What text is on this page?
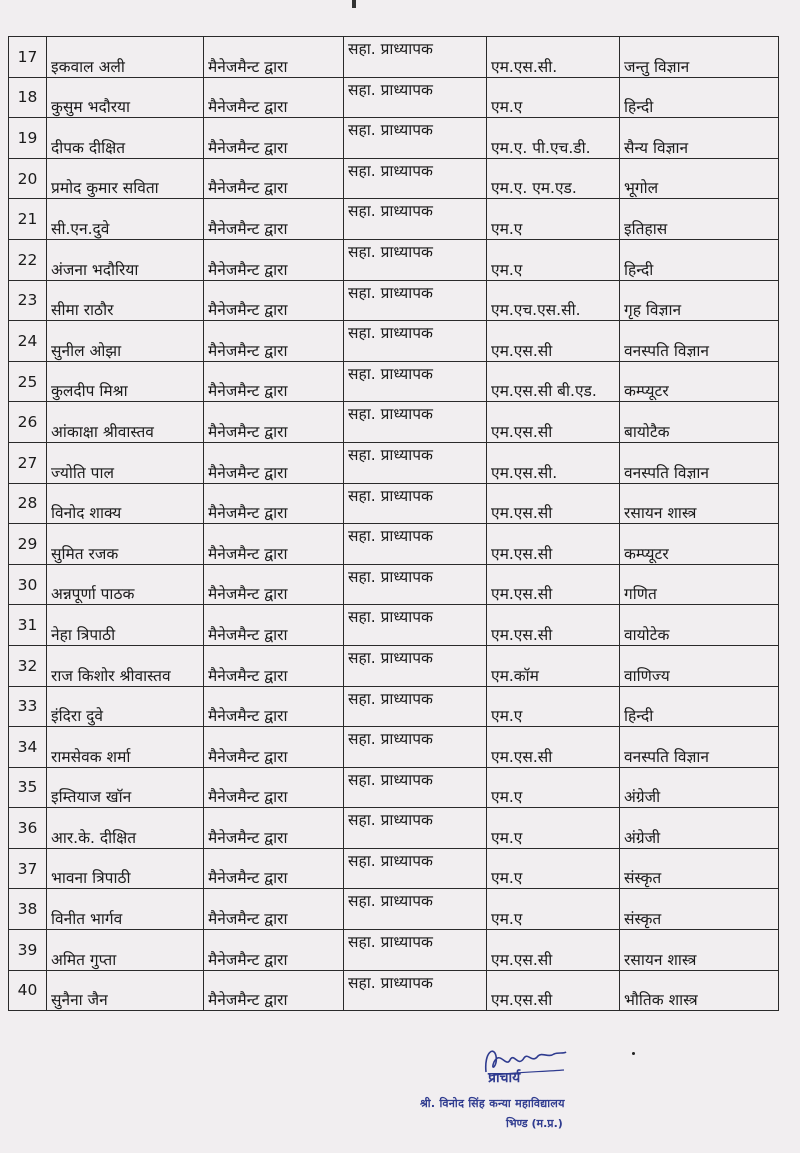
17	इकवाल अली	मैनेजमैन्ट द्वारा	सहा. प्राध्यापक	एम.एस.सी.	जन्तु विज्ञान
18	कुसुम भदौरया	मैनेजमैन्ट द्वारा	सहा. प्राध्यापक	एम.ए	हिन्दी
19	दीपक दीक्षित	मैनेजमैन्ट द्वारा	सहा. प्राध्यापक	एम.ए. पी.एच.डी.	सैन्य विज्ञान
20	प्रमोद कुमार सविता	मैनेजमैन्ट द्वारा	सहा. प्राध्यापक	एम.ए. एम.एड.	भूगोल
21	सी.एन.दुवे	मैनेजमैन्ट द्वारा	सहा. प्राध्यापक	एम.ए	इतिहास
22	अंजना भदौरिया	मैनेजमैन्ट द्वारा	सहा. प्राध्यापक	एम.ए	हिन्दी
23	सीमा राठौर	मैनेजमैन्ट द्वारा	सहा. प्राध्यापक	एम.एच.एस.सी.	गृह विज्ञान
24	सुनील ओझा	मैनेजमैन्ट द्वारा	सहा. प्राध्यापक	एम.एस.सी	वनस्पति विज्ञान
25	कुलदीप मिश्रा	मैनेजमैन्ट द्वारा	सहा. प्राध्यापक	एम.एस.सी बी.एड.	कम्प्यूटर
26	आंकाक्षा श्रीवास्तव	मैनेजमैन्ट द्वारा	सहा. प्राध्यापक	एम.एस.सी	बायोटैक
27	ज्योति पाल	मैनेजमैन्ट द्वारा	सहा. प्राध्यापक	एम.एस.सी.	वनस्पति विज्ञान
28	विनोद शाक्य	मैनेजमैन्ट द्वारा	सहा. प्राध्यापक	एम.एस.सी	रसायन शास्त्र
29	सुमित रजक	मैनेजमैन्ट द्वारा	सहा. प्राध्यापक	एम.एस.सी	कम्प्यूटर
30	अन्नपूर्णा पाठक	मैनेजमैन्ट द्वारा	सहा. प्राध्यापक	एम.एस.सी	गणित
31	नेहा त्रिपाठी	मैनेजमैन्ट द्वारा	सहा. प्राध्यापक	एम.एस.सी	वायोटेक
32	राज किशोर श्रीवास्तव	मैनेजमैन्ट द्वारा	सहा. प्राध्यापक	एम.कॉम	वाणिज्य
33	इंदिरा दुवे	मैनेजमैन्ट द्वारा	सहा. प्राध्यापक	एम.ए	हिन्दी
34	रामसेवक शर्मा	मैनेजमैन्ट द्वारा	सहा. प्राध्यापक	एम.एस.सी	वनस्पति विज्ञान
35	इम्तियाज खॉन	मैनेजमैन्ट द्वारा	सहा. प्राध्यापक	एम.ए	अंग्रेजी
36	आर.के. दीक्षित	मैनेजमैन्ट द्वारा	सहा. प्राध्यापक	एम.ए	अंग्रेजी
37	भावना त्रिपाठी	मैनेजमैन्ट द्वारा	सहा. प्राध्यापक	एम.ए	संस्कृत
38	विनीत भार्गव	मैनेजमैन्ट द्वारा	सहा. प्राध्यापक	एम.ए	संस्कृत
39	अमित गुप्ता	मैनेजमैन्ट द्वारा	सहा. प्राध्यापक	एम.एस.सी	रसायन शास्त्र
40	सुनैना जैन	मैनेजमैन्ट द्वारा	सहा. प्राध्यापक	एम.एस.सी	भौतिक शास्त्र
प्राचार्य
श्री. विनोद सिंह कन्या महाविद्यालय
भिण्ड (म.प्र.)
